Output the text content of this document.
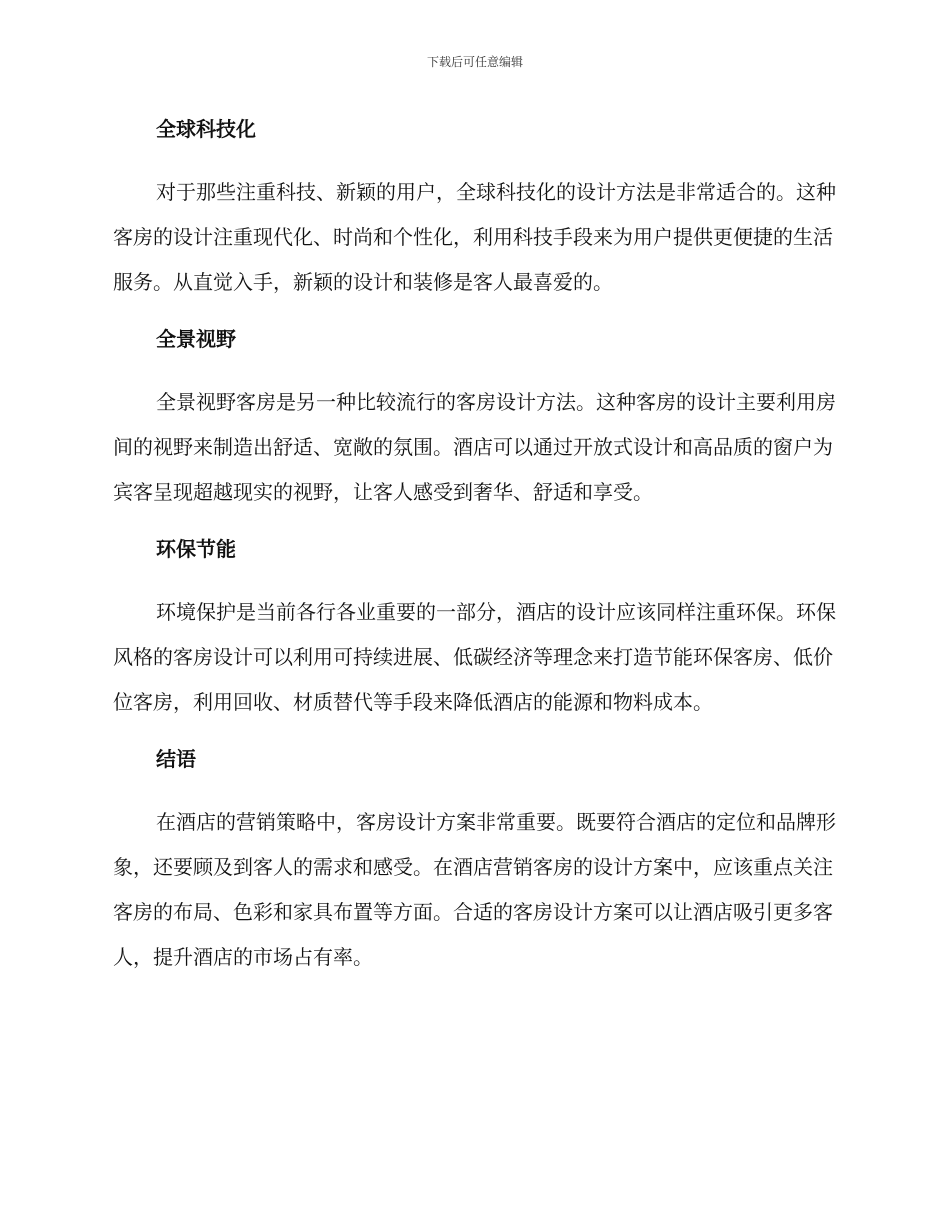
下载后可任意编辑
全球科技化

对于那些注重科技、新颖的用户，全球科技化的设计方法是非常适合的。这种客房的设计注重现代化、时尚和个性化，利用科技手段来为用户提供更便捷的生活服务。从直觉入手，新颖的设计和装修是客人最喜爱的。

全景视野

全景视野客房是另一种比较流行的客房设计方法。这种客房的设计主要利用房间的视野来制造出舒适、宽敞的氛围。酒店可以通过开放式设计和高品质的窗户为宾客呈现超越现实的视野，让客人感受到奢华、舒适和享受。

环保节能

环境保护是当前各行各业重要的一部分，酒店的设计应该同样注重环保。环保风格的客房设计可以利用可持续进展、低碳经济等理念来打造节能环保客房、低价位客房，利用回收、材质替代等手段来降低酒店的能源和物料成本。

结语

在酒店的营销策略中，客房设计方案非常重要。既要符合酒店的定位和品牌形象，还要顾及到客人的需求和感受。在酒店营销客房的设计方案中，应该重点关注客房的布局、色彩和家具布置等方面。合适的客房设计方案可以让酒店吸引更多客人，提升酒店的市场占有率。
